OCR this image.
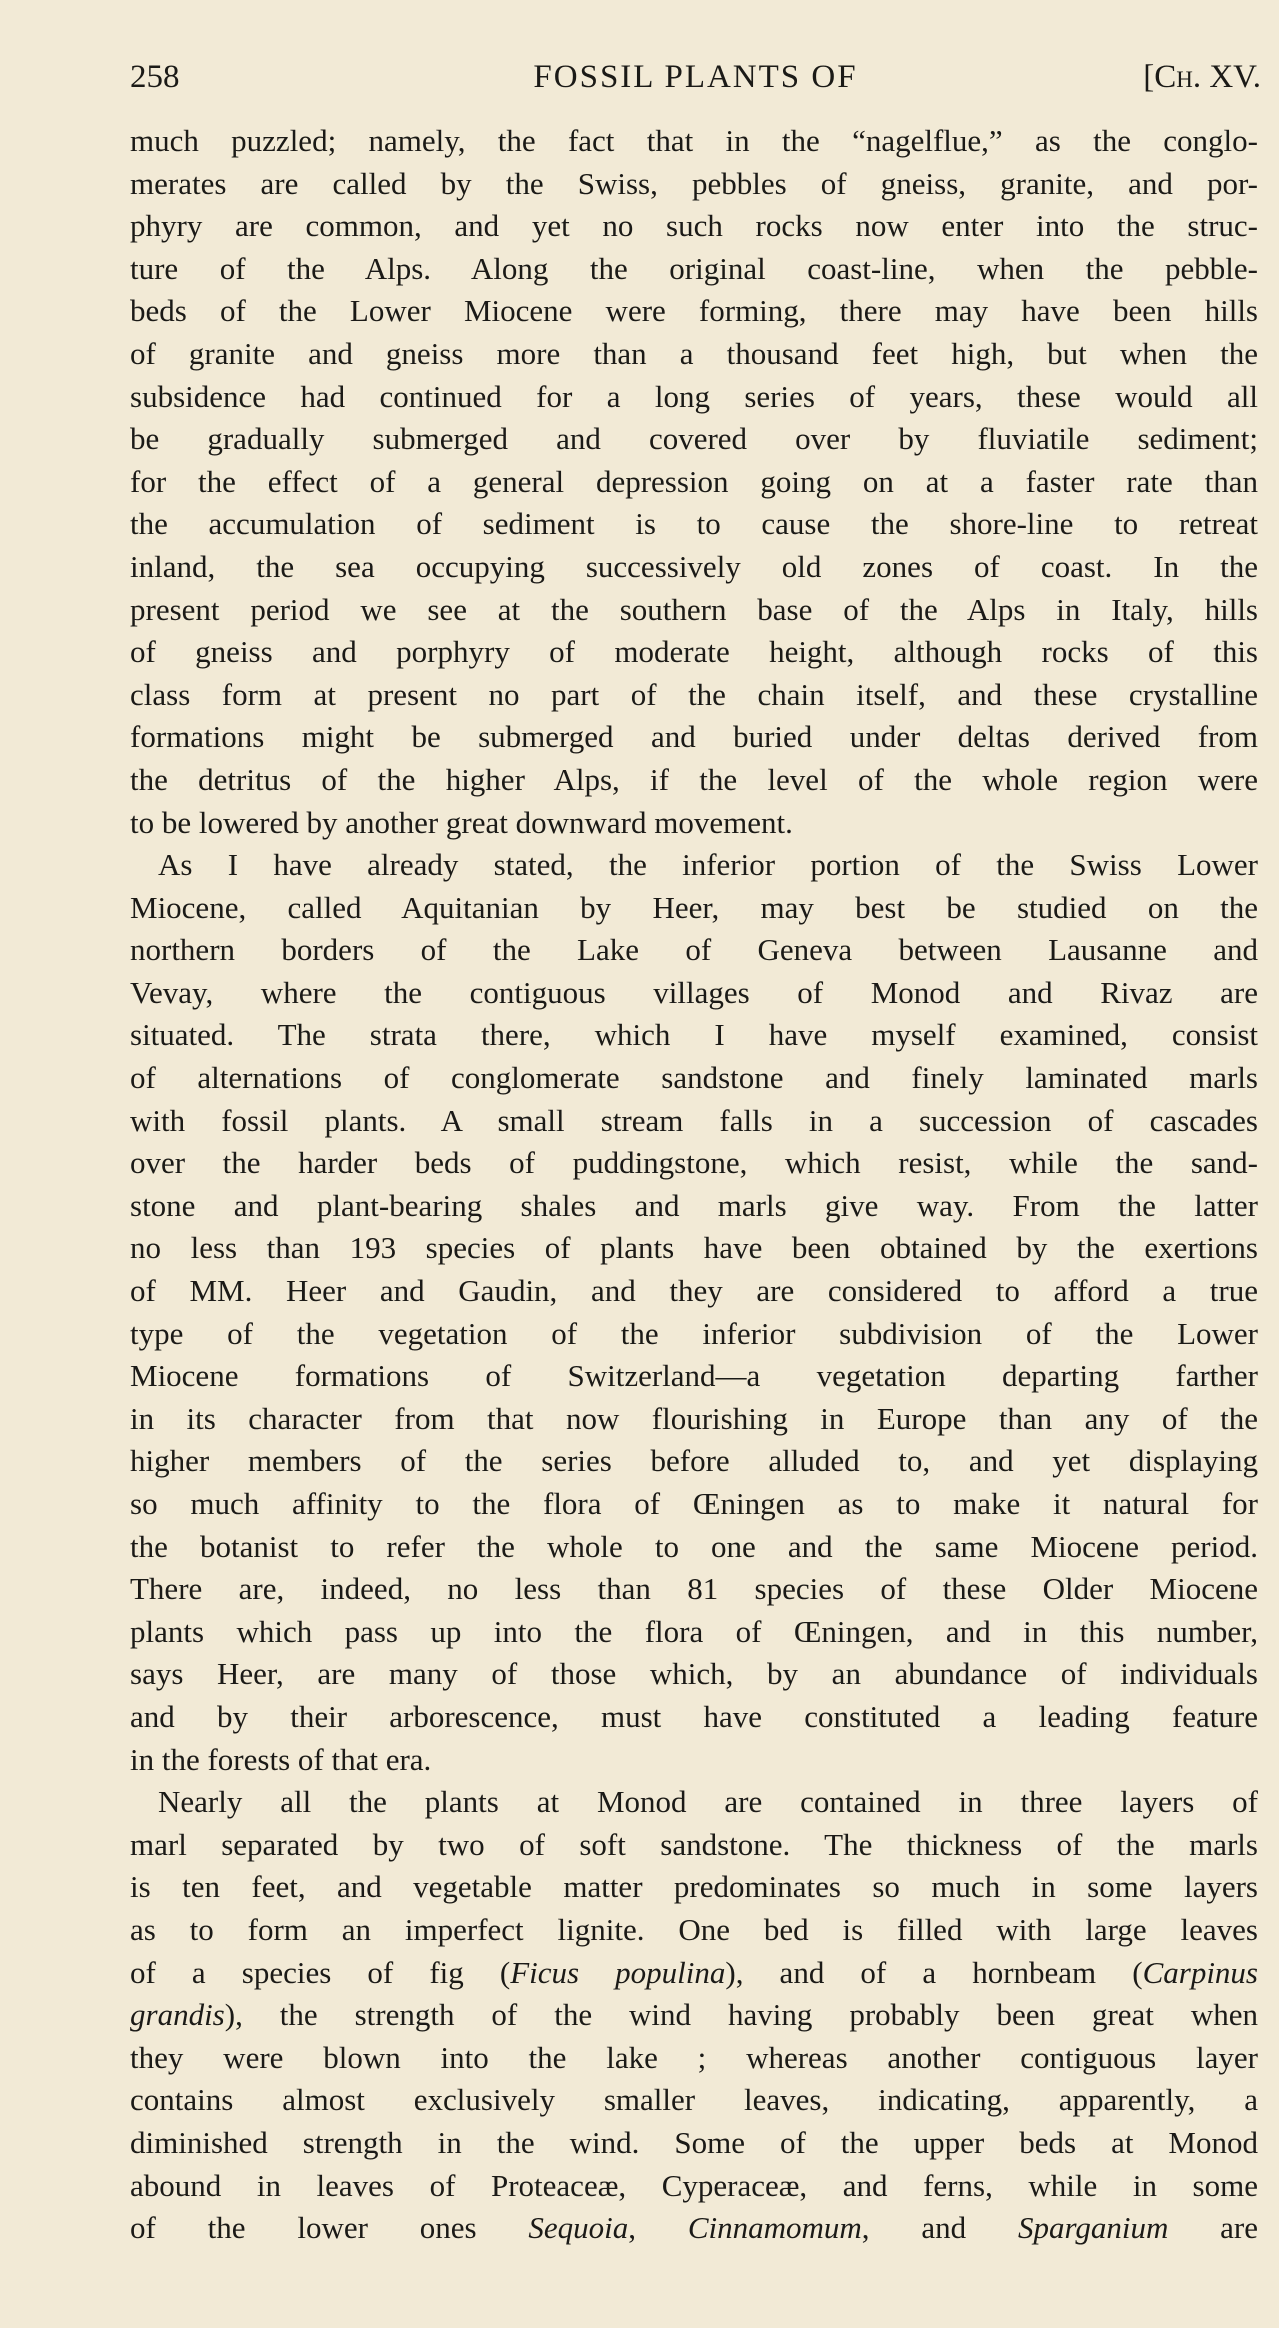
258	FOSSIL PLANTS OF	[Ch. XV.
much puzzled; namely, the fact that in the “nagelflue,” as the conglo-
merates are called by the Swiss, pebbles of gneiss, granite, and por-
phyry are common, and yet no such rocks now enter into the struc-
ture of the Alps. Along the original coast-line, when the pebble-
beds of the Lower Miocene were forming, there may have been hills
of granite and gneiss more than a thousand feet high, but when the
subsidence had continued for a long series of years, these would all
be gradually submerged and covered over by fluviatile sediment;
for the effect of a general depression going on at a faster rate than
the accumulation of sediment is to cause the shore-line to retreat
inland, the sea occupying successively old zones of coast. In the
present period we see at the southern base of the Alps in Italy, hills
of gneiss and porphyry of moderate height, although rocks of this
class form at present no part of the chain itself, and these crystalline
formations might be submerged and buried under deltas derived from
the detritus of the higher Alps, if the level of the whole region were
to be lowered by another great downward movement.
As I have already stated, the inferior portion of the Swiss Lower
Miocene, called Aquitanian by Heer, may best be studied on the
northern borders of the Lake of Geneva between Lausanne and
Vevay, where the contiguous villages of Monod and Rivaz are
situated. The strata there, which I have myself examined, consist
of alternations of conglomerate sandstone and finely laminated marls
with fossil plants. A small stream falls in a succession of cascades
over the harder beds of puddingstone, which resist, while the sand-
stone and plant-bearing shales and marls give way. From the latter
no less than 193 species of plants have been obtained by the exertions
of MM. Heer and Gaudin, and they are considered to afford a true
type of the vegetation of the inferior subdivision of the Lower
Miocene formations of Switzerland—a vegetation departing farther
in its character from that now flourishing in Europe than any of the
higher members of the series before alluded to, and yet displaying
so much affinity to the flora of Œningen as to make it natural for
the botanist to refer the whole to one and the same Miocene period.
There are, indeed, no less than 81 species of these Older Miocene
plants which pass up into the flora of Œningen, and in this number,
says Heer, are many of those which, by an abundance of individuals
and by their arborescence, must have constituted a leading feature
in the forests of that era.
Nearly all the plants at Monod are contained in three layers of
marl separated by two of soft sandstone. The thickness of the marls
is ten feet, and vegetable matter predominates so much in some layers
as to form an imperfect lignite. One bed is filled with large leaves
of a species of fig (Ficus populina), and of a hornbeam (Carpinus
grandis), the strength of the wind having probably been great when
they were blown into the lake ; whereas another contiguous layer
contains almost exclusively smaller leaves, indicating, apparently, a
diminished strength in the wind. Some of the upper beds at Monod
abound in leaves of Proteaceæ, Cyperaceæ, and ferns, while in some
of the lower ones Sequoia, Cinnamomum, and Sparganium are
